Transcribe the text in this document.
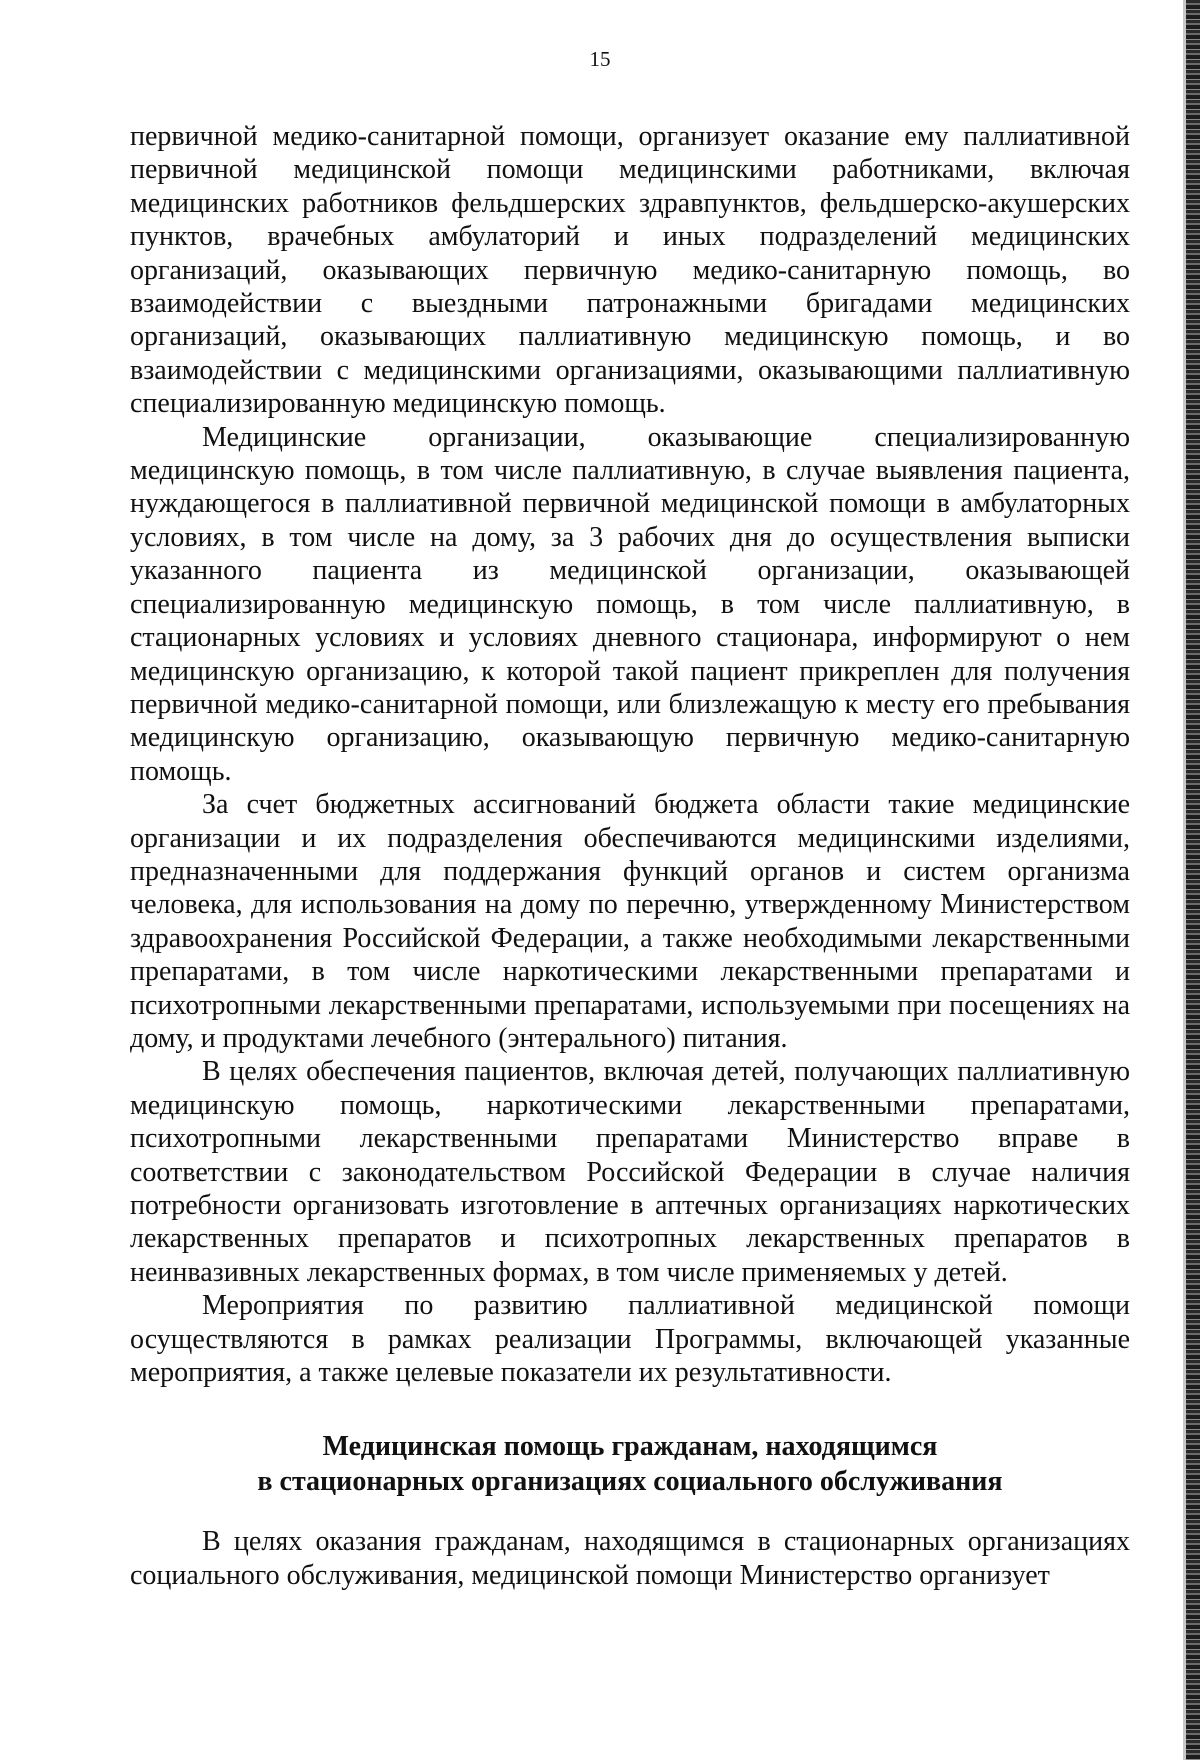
15

первичной медико-санитарной помощи, организует оказание ему паллиативной первичной медицинской помощи медицинскими работниками, включая медицинских работников фельдшерских здравпунктов, фельдшерско-акушерских пунктов, врачебных амбулаторий и иных подразделений медицинских организаций, оказывающих первичную медико-санитарную помощь, во взаимодействии с выездными патронажными бригадами медицинских организаций, оказывающих паллиативную медицинскую помощь, и во взаимодействии с медицинскими организациями, оказывающими паллиативную специализированную медицинскую помощь.

Медицинские организации, оказывающие специализированную медицинскую помощь, в том числе паллиативную, в случае выявления пациента, нуждающегося в паллиативной первичной медицинской помощи в амбулаторных условиях, в том числе на дому, за 3 рабочих дня до осуществления выписки указанного пациента из медицинской организации, оказывающей специализированную медицинскую помощь, в том числе паллиативную, в стационарных условиях и условиях дневного стационара, информируют о нем медицинскую организацию, к которой такой пациент прикреплен для получения первичной медико-санитарной помощи, или близлежащую к месту его пребывания медицинскую организацию, оказывающую первичную медико-санитарную помощь.

За счет бюджетных ассигнований бюджета области такие медицинские организации и их подразделения обеспечиваются медицинскими изделиями, предназначенными для поддержания функций органов и систем организма человека, для использования на дому по перечню, утвержденному Министерством здравоохранения Российской Федерации, а также необходимыми лекарственными препаратами, в том числе наркотическими лекарственными препаратами и психотропными лекарственными препаратами, используемыми при посещениях на дому, и продуктами лечебного (энтерального) питания.

В целях обеспечения пациентов, включая детей, получающих паллиативную медицинскую помощь, наркотическими лекарственными препаратами, психотропными лекарственными препаратами Министерство вправе в соответствии с законодательством Российской Федерации в случае наличия потребности организовать изготовление в аптечных организациях наркотических лекарственных препаратов и психотропных лекарственных препаратов в неинвазивных лекарственных формах, в том числе применяемых у детей.

Мероприятия по развитию паллиативной медицинской помощи осуществляются в рамках реализации Программы, включающей указанные мероприятия, а также целевые показатели их результативности.

Медицинская помощь гражданам, находящимся
в стационарных организациях социального обслуживания

В целях оказания гражданам, находящимся в стационарных организациях социального обслуживания, медицинской помощи Министерство организует
